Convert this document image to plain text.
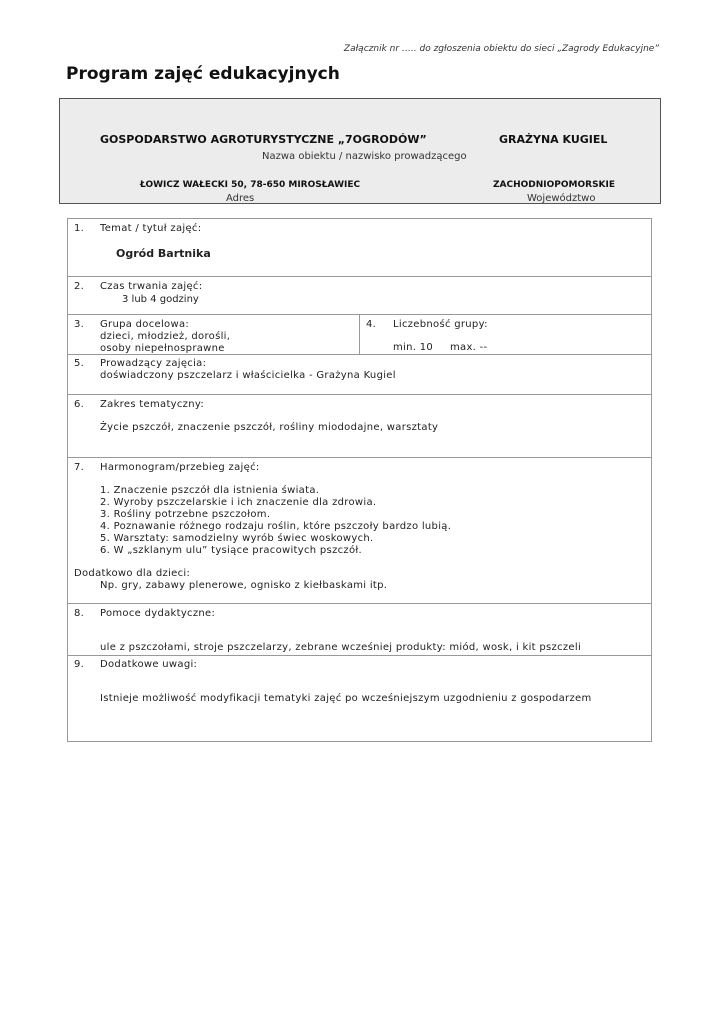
Załącznik nr ….. do zgłoszenia obiektu do sieci „Zagrody Edukacyjne”
Program zajęć edukacyjnych
GOSPODARSTWO AGROTURYSTYCZNE „7OGRODÓW”	GRAŻYNA KUGIEL
Nazwa obiektu / nazwisko prowadzącego
ŁOWICZ WAŁECKI 50, 78-650 MIROSŁAWIEC	ZACHODNIOPOMORSKIE
Adres	Województwo
1. Temat / tytuł zajęć:
Ogród Bartnika
2. Czas trwania zajęć:
3 lub 4 godziny
3. Grupa docelowa:
dzieci, młodzież, dorośli,
osoby niepełnosprawne
4. Liczebność grupy:
min. 10 max. --
5. Prowadzący zajęcia:
doświadczony pszczelarz i właścicielka - Grażyna Kugiel
6. Zakres tematyczny:
Życie pszczół, znaczenie pszczół, rośliny miododajne, warsztaty
7. Harmonogram/przebieg zajęć:
1. Znaczenie pszczół dla istnienia świata.
2. Wyroby pszczelarskie i ich znaczenie dla zdrowia.
3. Rośliny potrzebne pszczołom.
4. Poznawanie różnego rodzaju roślin, które pszczoły bardzo lubią.
5. Warsztaty: samodzielny wyrób świec woskowych.
6. W „szklanym ulu” tysiące pracowitych pszczół.
Dodatkowo dla dzieci:
Np. gry, zabawy plenerowe, ognisko z kiełbaskami itp.
8. Pomoce dydaktyczne:
ule z pszczołami, stroje pszczelarzy, zebrane wcześniej produkty: miód, wosk, i kit pszczeli
9. Dodatkowe uwagi:
Istnieje możliwość modyfikacji tematyki zajęć po wcześniejszym uzgodnieniu z gospodarzem
